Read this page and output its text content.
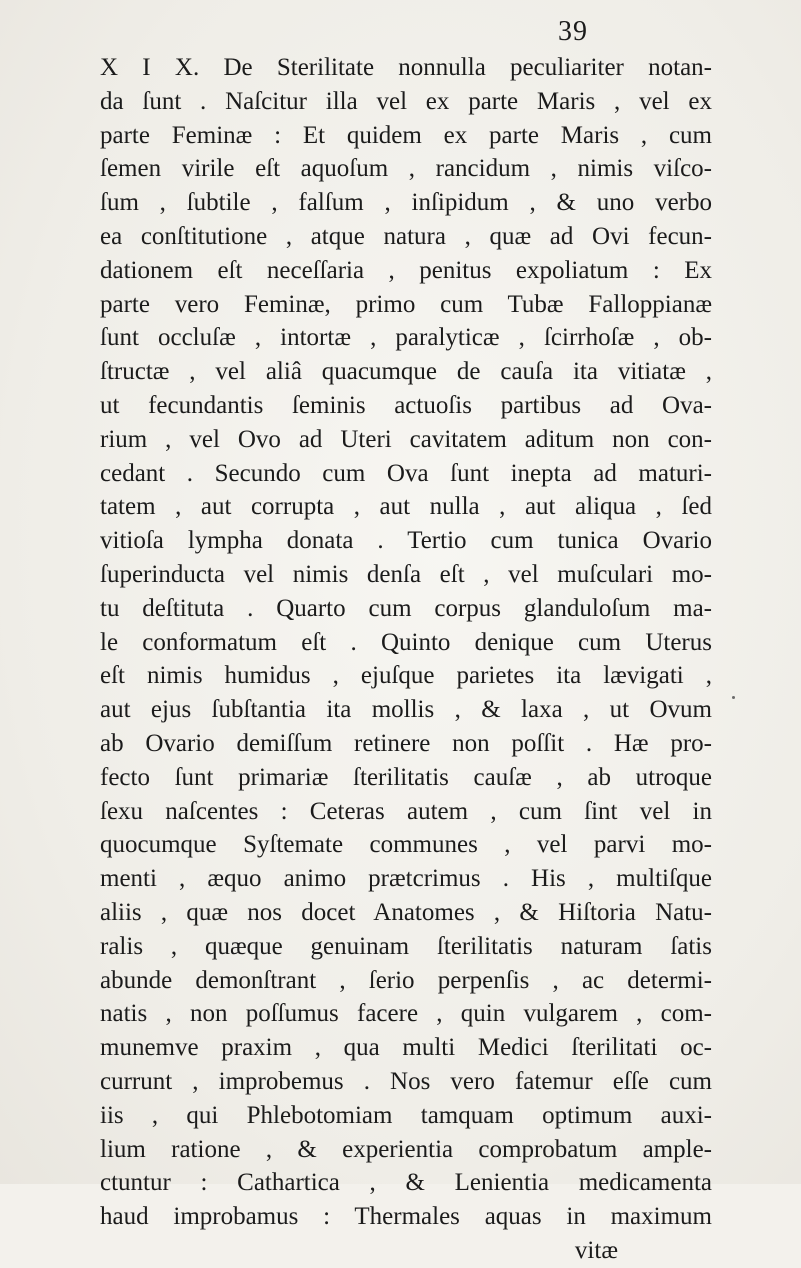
39
X I X. De Sterilitate nonnulla peculiariter notan-
da ſunt . Naſcitur illa vel ex parte Maris , vel ex
parte Feminæ : Et quidem ex parte Maris , cum
ſemen virile eſt aquoſum , rancidum , nimis viſco-
ſum , ſubtile , falſum , inſipidum , & uno verbo
ea conſtitutione , atque natura , quæ ad Ovi fecun-
dationem eſt neceſſaria , penitus expoliatum : Ex
parte vero Feminæ, primo cum Tubæ Falloppianæ
ſunt occluſæ , intortæ , paralyticæ , ſcirrhoſæ , ob-
ſtructæ , vel aliâ quacumque de cauſa ita vitiatæ ,
ut fecundantis ſeminis actuoſis partibus ad Ova-
rium , vel Ovo ad Uteri cavitatem aditum non con-
cedant . Secundo cum Ova ſunt inepta ad maturi-
tatem , aut corrupta , aut nulla , aut aliqua , ſed
vitioſa lympha donata . Tertio cum tunica Ovario
ſuperinducta vel nimis denſa eſt , vel muſculari mo-
tu deſtituta . Quarto cum corpus glanduloſum ma-
le conformatum eſt . Quinto denique cum Uterus
eſt nimis humidus , ejuſque parietes ita lævigati ,
aut ejus ſubſtantia ita mollis , & laxa , ut Ovum
ab Ovario demiſſum retinere non poſſit . Hæ pro-
fecto ſunt primariæ ſterilitatis cauſæ , ab utroque
ſexu naſcentes : Ceteras autem , cum ſint vel in
quocumque Syſtemate communes , vel parvi mo-
menti , æquo animo prætcrimus . His , multiſque
aliis , quæ nos docet Anatomes , & Hiſtoria Natu-
ralis , quæque genuinam ſterilitatis naturam ſatis
abunde demonſtrant , ſerio perpenſis , ac determi-
natis , non poſſumus facere , quin vulgarem , com-
munemve praxim , qua multi Medici ſterilitati oc-
currunt , improbemus . Nos vero fatemur eſſe cum
iis , qui Phlebotomiam tamquam optimum auxi-
lium ratione , & experientia comprobatum ample-
ctuntur : Cathartica , & Lenientia medicamenta
haud improbamus : Thermales aquas in maximum
vitæ
